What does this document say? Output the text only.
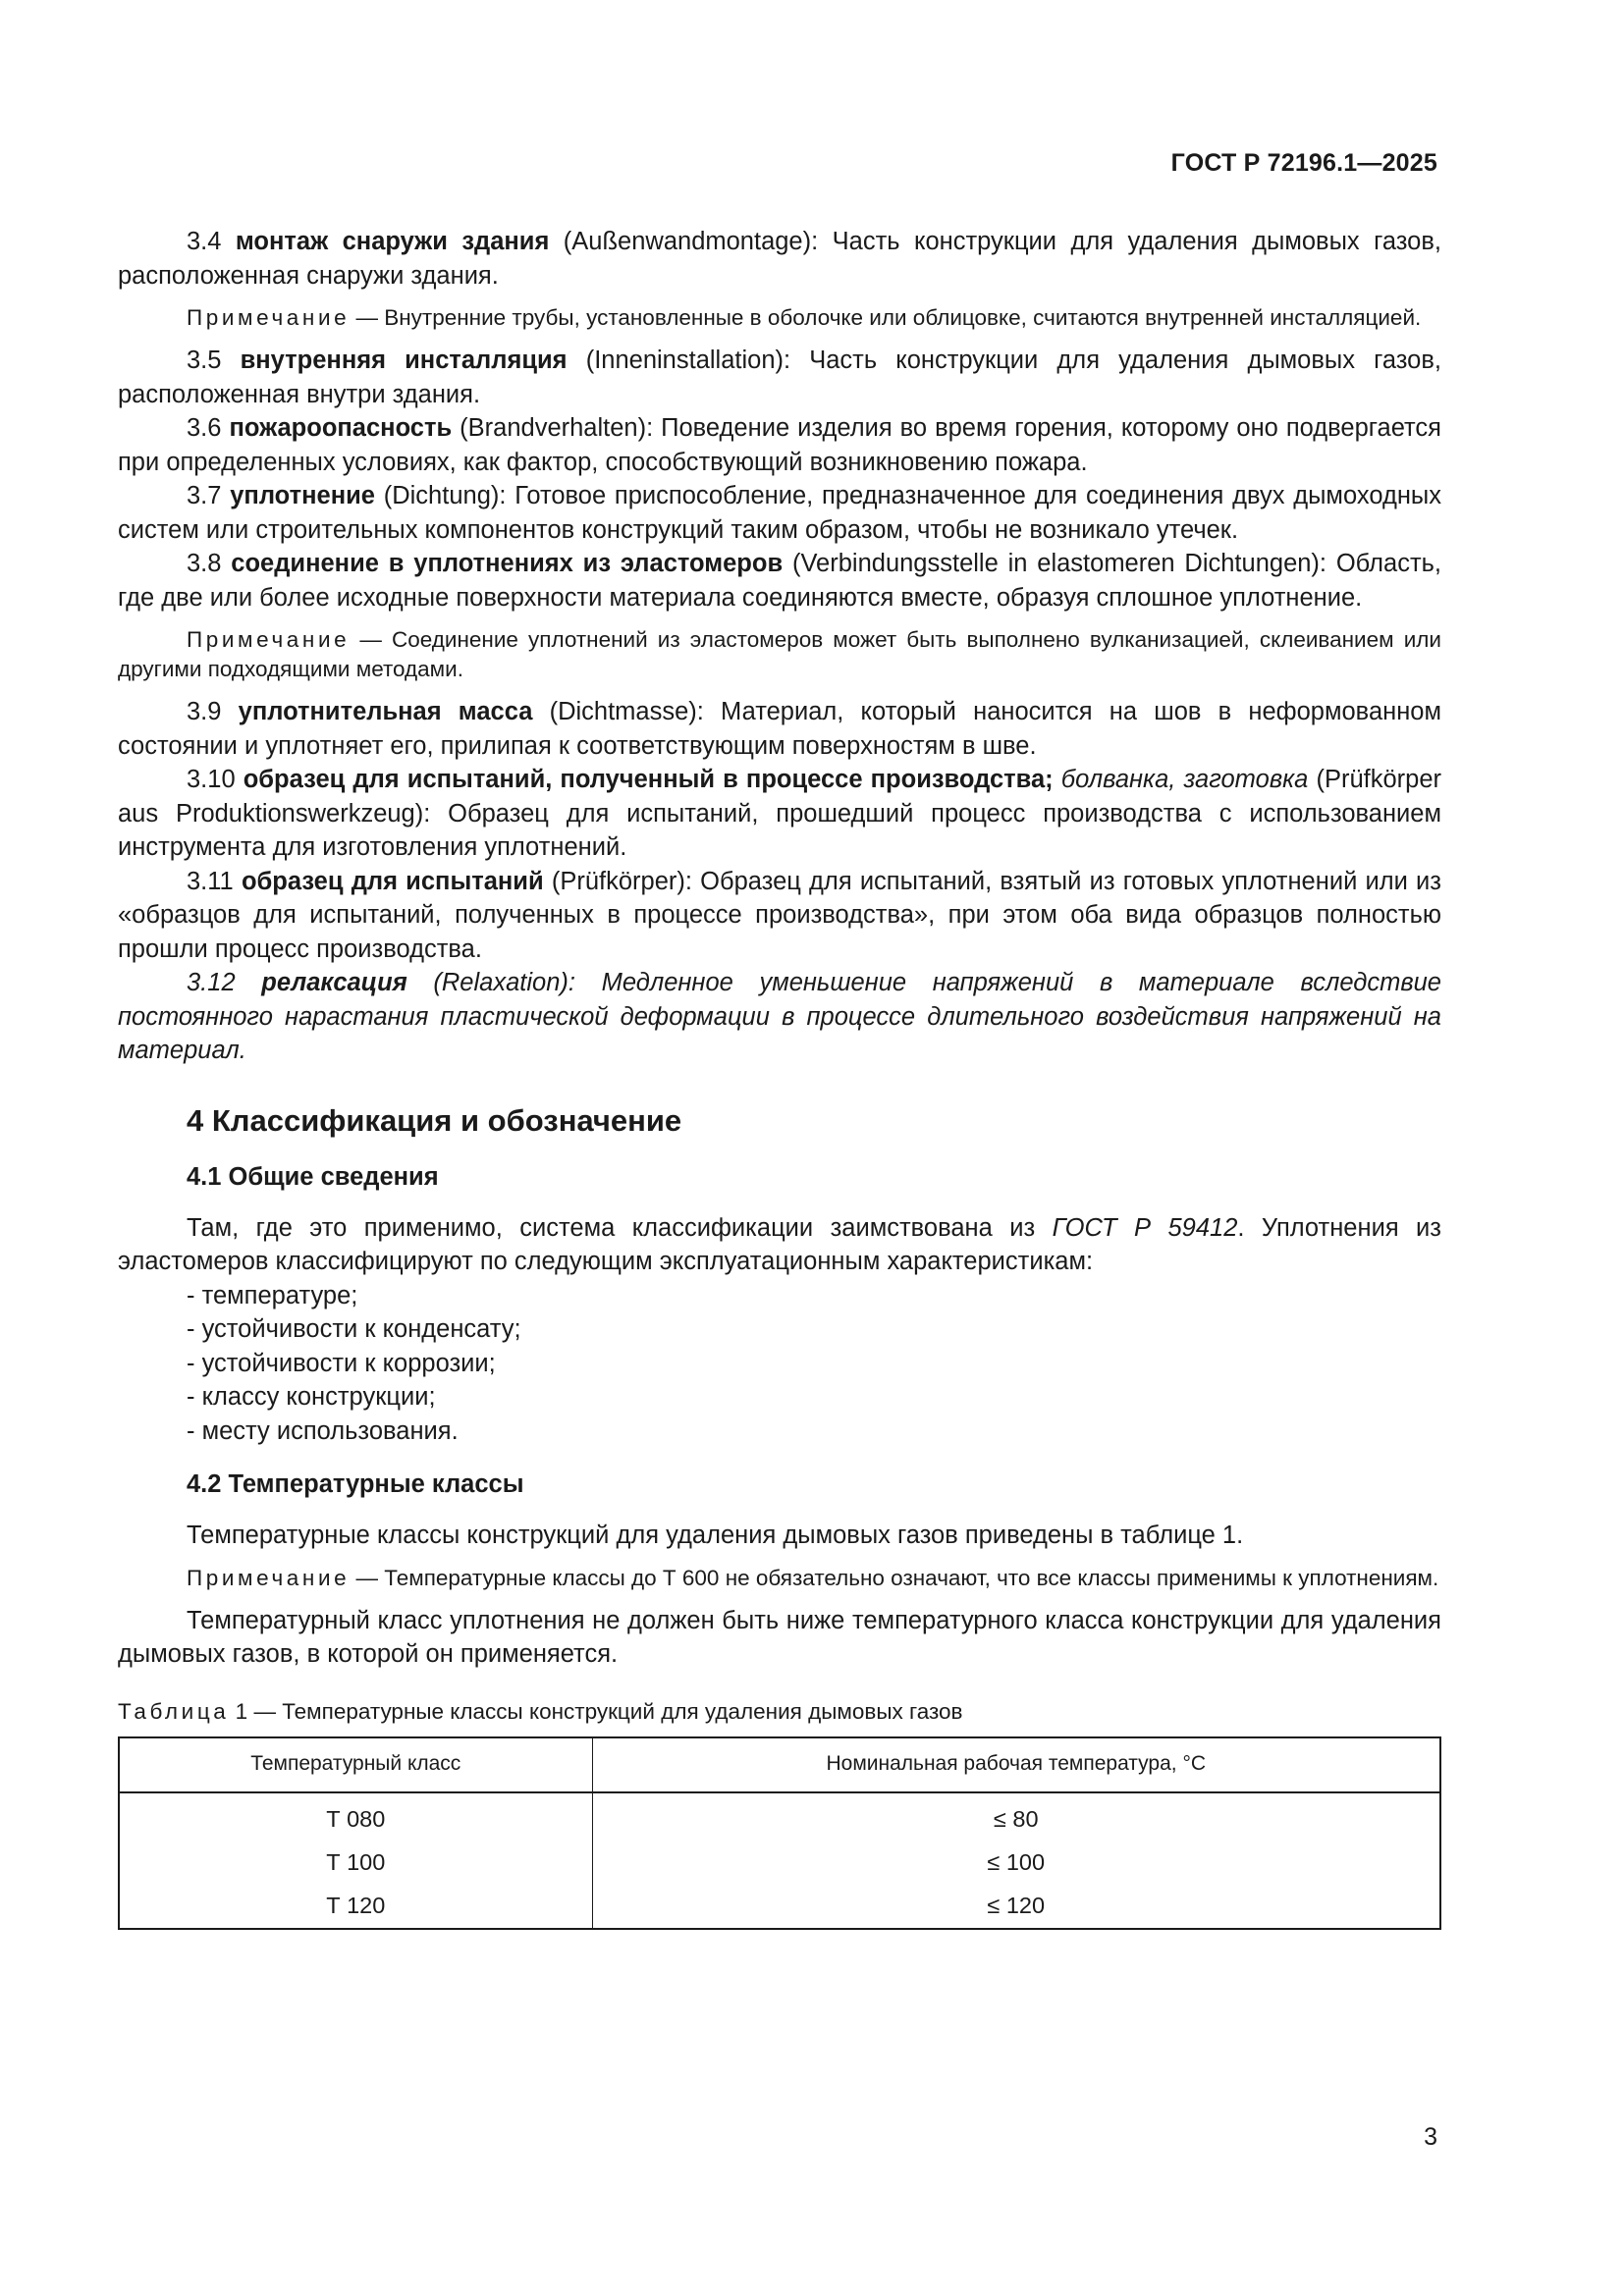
ГОСТ Р 72196.1—2025

3.4 монтаж снаружи здания (Außenwandmontage): Часть конструкции для удаления дымовых газов, расположенная снаружи здания.

Примечание — Внутренние трубы, установленные в оболочке или облицовке, считаются внутренней инсталляцией.

3.5 внутренняя инсталляция (Inneninstallation): Часть конструкции для удаления дымовых газов, расположенная внутри здания.

3.6 пожароопасность (Brandverhalten): Поведение изделия во время горения, которому оно подвергается при определенных условиях, как фактор, способствующий возникновению пожара.

3.7 уплотнение (Dichtung): Готовое приспособление, предназначенное для соединения двух дымоходных систем или строительных компонентов конструкций таким образом, чтобы не возникало утечек.

3.8 соединение в уплотнениях из эластомеров (Verbindungsstelle in elastomeren Dichtungen): Область, где две или более исходные поверхности материала соединяются вместе, образуя сплошное уплотнение.

Примечание — Соединение уплотнений из эластомеров может быть выполнено вулканизацией, склеиванием или другими подходящими методами.

3.9 уплотнительная масса (Dichtmasse): Материал, который наносится на шов в неформованном состоянии и уплотняет его, прилипая к соответствующим поверхностям в шве.

3.10 образец для испытаний, полученный в процессе производства; болванка, заготовка (Prüfkörper aus Produktionswerkzeug): Образец для испытаний, прошедший процесс производства с использованием инструмента для изготовления уплотнений.

3.11 образец для испытаний (Prüfkörper): Образец для испытаний, взятый из готовых уплотнений или из «образцов для испытаний, полученных в процессе производства», при этом оба вида образцов полностью прошли процесс производства.

3.12 релаксация (Relaxation): Медленное уменьшение напряжений в материале вследствие постоянного нарастания пластической деформации в процессе длительного воздействия напряжений на материал.

4 Классификация и обозначение
4.1 Общие сведения

Там, где это применимо, система классификации заимствована из ГОСТ Р 59412. Уплотнения из эластомеров классифицируют по следующим эксплуатационным характеристикам:

- температуре;

- устойчивости к конденсату;

- устойчивости к коррозии;

- классу конструкции;

- месту использования.

4.2 Температурные классы

Температурные классы конструкций для удаления дымовых газов приведены в таблице 1.

Примечание — Температурные классы до Т 600 не обязательно означают, что все классы применимы к уплотнениям.

Температурный класс уплотнения не должен быть ниже температурного класса конструкции для удаления дымовых газов, в которой он применяется.

Таблица 1 — Температурные классы конструкций для удаления дымовых газов

Температурный класс	Номинальная рабочая температура, °С
Т 080	≤ 80
Т 100	≤ 100
Т 120	≤ 120
3
